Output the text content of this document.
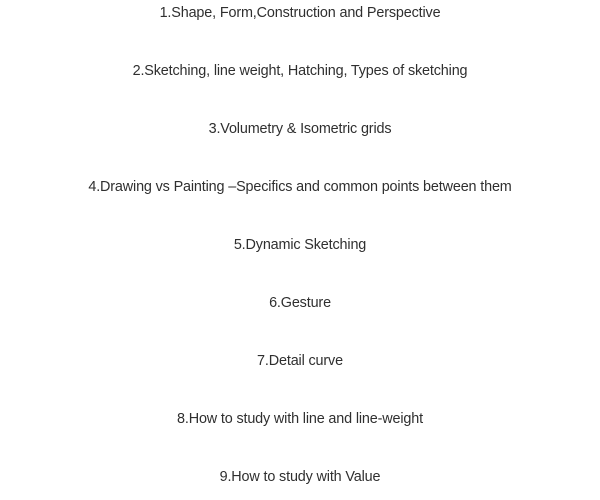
1.Shape, Form,Construction and Perspective
2.Sketching, line weight, Hatching, Types of sketching
3.Volumetry & Isometric grids
4.Drawing vs Painting –Specifics and common points between them
5.Dynamic Sketching
6.Gesture
7.Detail curve
8.How to study with line and line-weight
9.How to study with Value
